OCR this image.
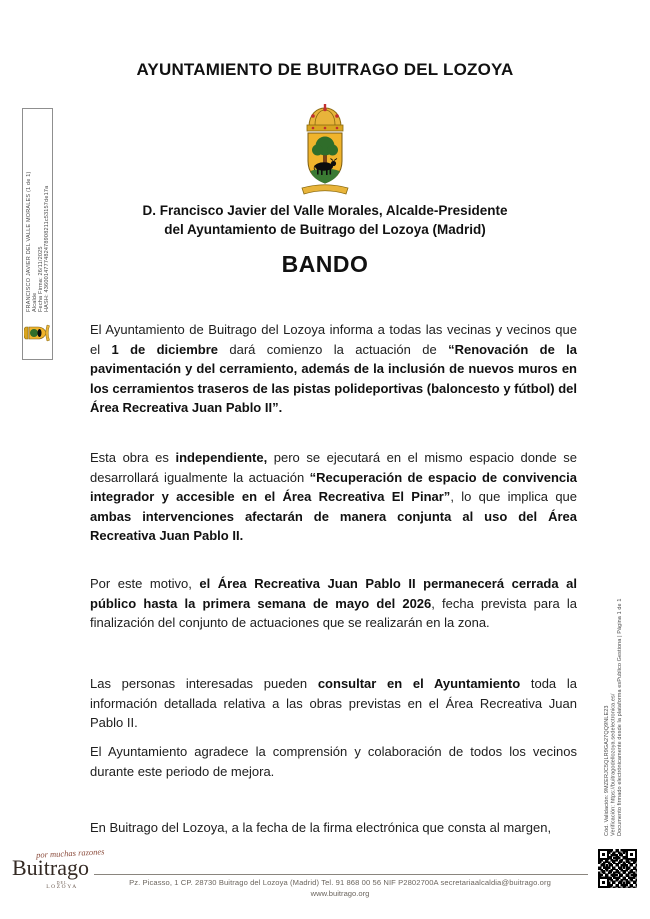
AYUNTAMIENTO DE BUITRAGO DEL LOZOYA
D. Francisco Javier del Valle Morales, Alcalde-Presidente
del Ayuntamiento de Buitrago del Lozoya (Madrid)
BANDO

El Ayuntamiento de Buitrago del Lozoya informa a todas las vecinas y vecinos que el 1 de diciembre dará comienzo la actuación de “Renovación de la pavimentación y del cerramiento, además de la inclusión de nuevos muros en los cerramientos traseros de las pistas polideportivas (baloncesto y fútbol) del Área Recreativa Juan Pablo II”.

Esta obra es independiente, pero se ejecutará en el mismo espacio donde se desarrollará igualmente la actuación “Recuperación de espacio de convivencia integrador y accesible en el Área Recreativa El Pinar”, lo que implica que ambas intervenciones afectarán de manera conjunta al uso del Área Recreativa Juan Pablo II.

Por este motivo, el Área Recreativa Juan Pablo II permanecerá cerrada al público hasta la primera semana de mayo del 2026, fecha prevista para la finalización del conjunto de actuaciones que se realizarán en la zona.

Las personas interesadas pueden consultar en el Ayuntamiento toda la información detallada relativa a las obras previstas en el Área Recreativa Juan Pablo II.

El Ayuntamiento agradece la comprensión y colaboración de todos los vecinos durante este periodo de mejora.

En Buitrago del Lozoya, a la fecha de la firma electrónica que consta al margen,

FRANCISCO JAVIER DEL VALLE MORALES (1 de 1) Alcalde Fecha Firma: 26/11/2025 HASH: 4360014777482478908211c53157de17a
Cód. Validación: 9MZERJC5QLR9GA27QQ9NLE23 Verificación: https://buitragodellozoya.sedelectronica.es/ Documento firmado electrónicamente desde la plataforma esPublico Gestiona | Página 1 de 1
por muchas razones
Buitrago
DEL
LOZOYA	Pz. Picasso, 1 CP. 28730 Buitrago del Lozoya (Madrid) Tel. 91 868 00 56 NIF P2802700A secretariaalcaldia@buitrago.org
www.buitrago.org
